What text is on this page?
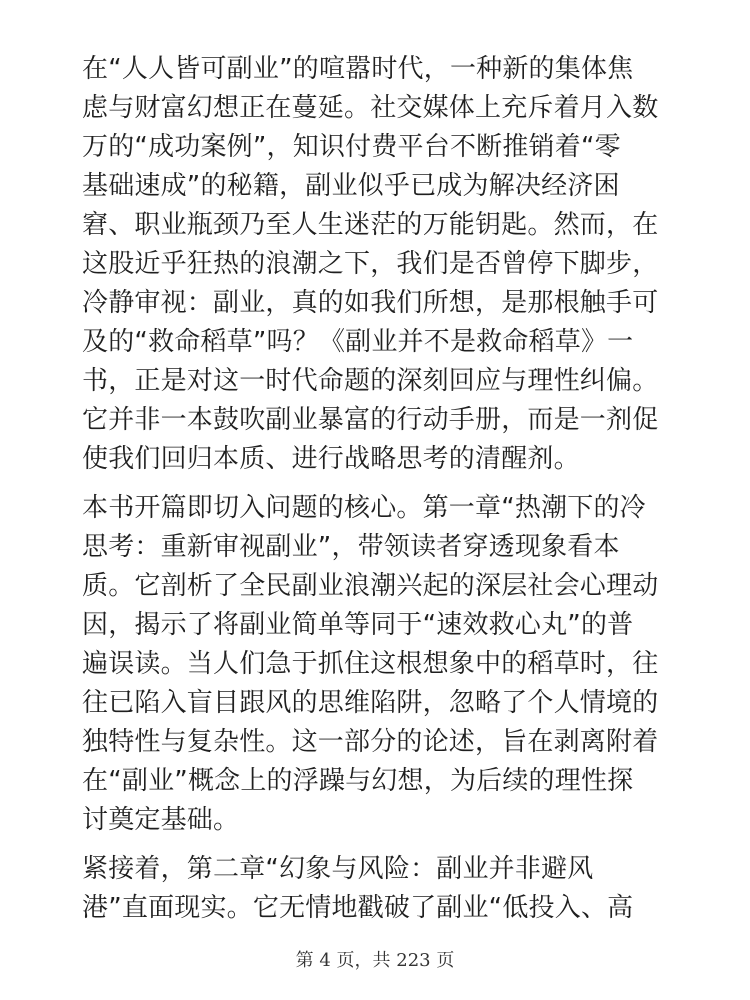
在“人人皆可副业”的喧嚣时代，一种新的集体焦
虑与财富幻想正在蔓延。社交媒体上充斥着月入数
万的“成功案例”，知识付费平台不断推销着“零
基础速成”的秘籍，副业似乎已成为解决经济困
窘、职业瓶颈乃至人生迷茫的万能钥匙。然而，在
这股近乎狂热的浪潮之下，我们是否曾停下脚步，
冷静审视：副业，真的如我们所想，是那根触手可
及的“救命稻草”吗？《副业并不是救命稻草》一
书，正是对这一时代命题的深刻回应与理性纠偏。
它并非一本鼓吹副业暴富的行动手册，而是一剂促
使我们回归本质、进行战略思考的清醒剂。

本书开篇即切入问题的核心。第一章“热潮下的冷
思考：重新审视副业”，带领读者穿透现象看本
质。它剖析了全民副业浪潮兴起的深层社会心理动
因，揭示了将副业简单等同于“速效救心丸”的普
遍误读。当人们急于抓住这根想象中的稻草时，往
往已陷入盲目跟风的思维陷阱，忽略了个人情境的
独特性与复杂性。这一部分的论述，旨在剥离附着
在“副业”概念上的浮躁与幻想，为后续的理性探
讨奠定基础。

紧接着，第二章“幻象与风险：副业并非避风
港”直面现实。它无情地戳破了副业“低投入、高

第 4 页，共 223 页
